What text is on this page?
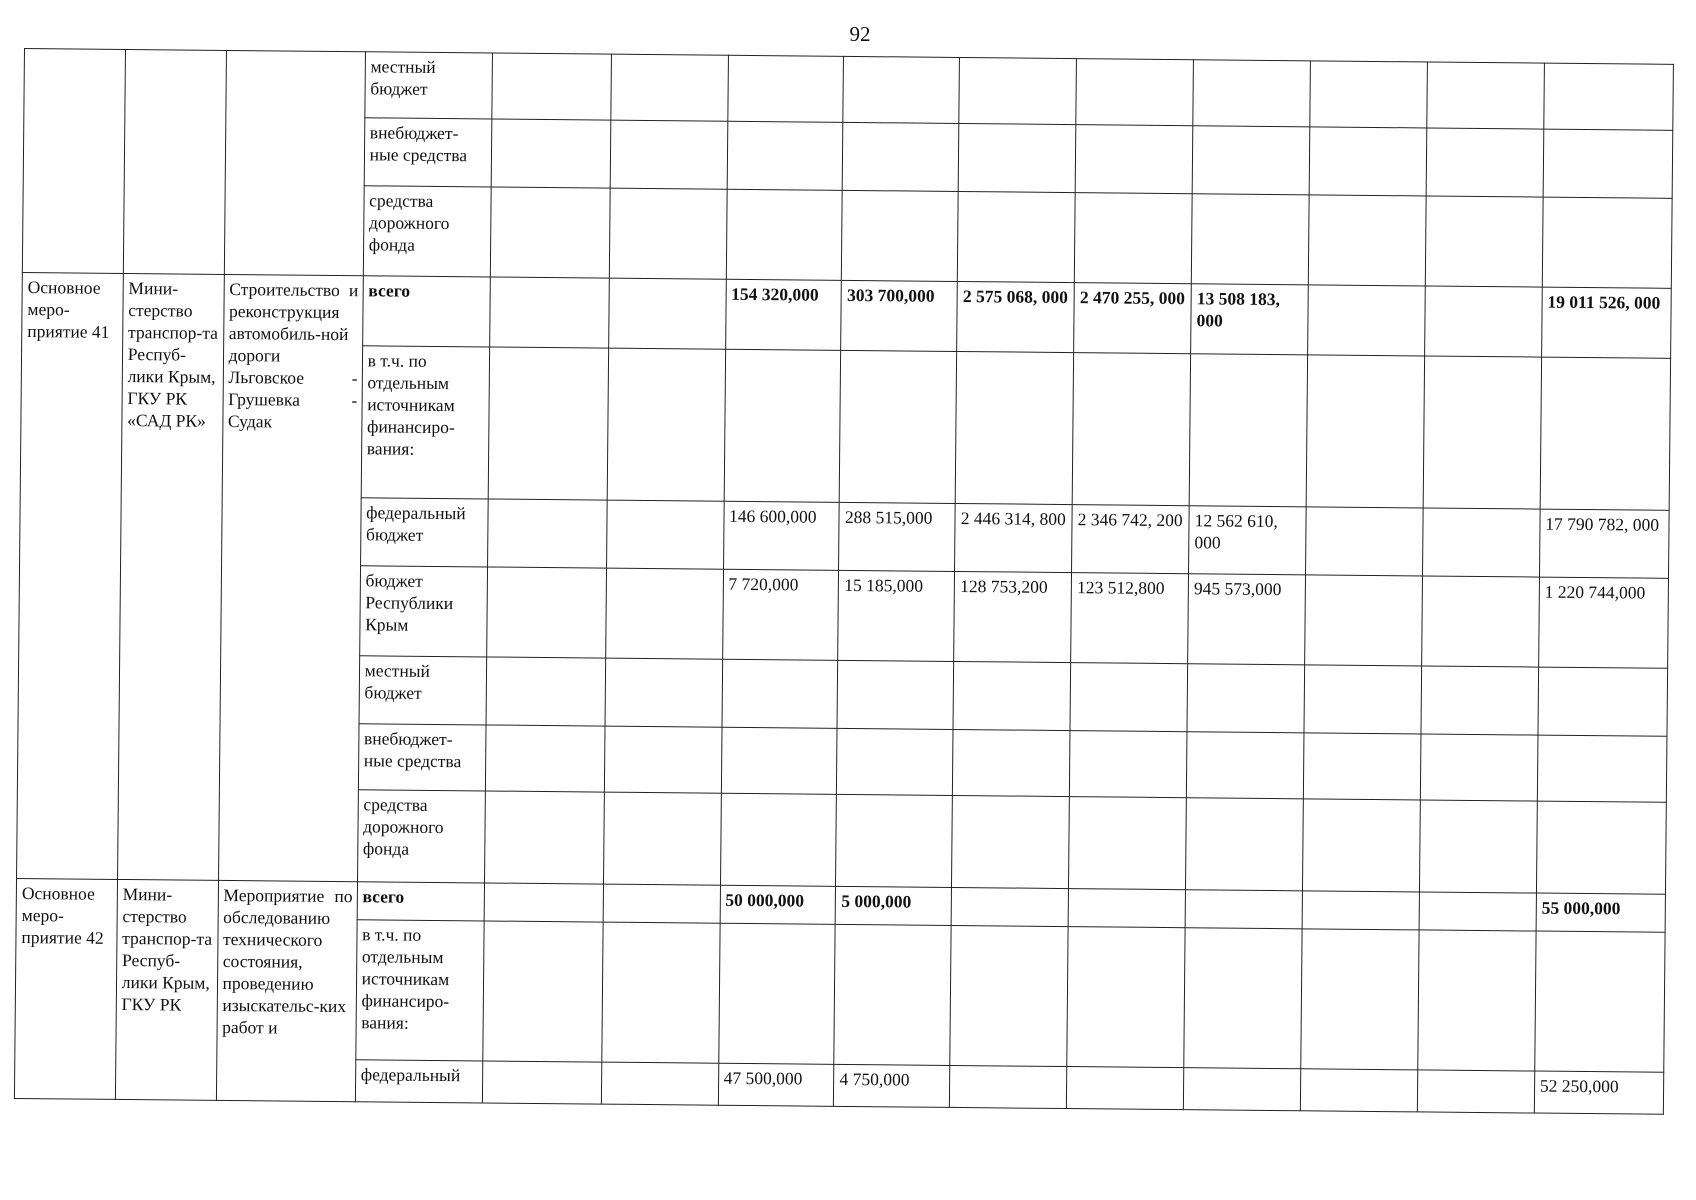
92
			местный бюджет										
			внебюджет-ные средства										
			средства дорожного фонда										
Основное меро-приятие 41	Мини-стерство транспор-та Респуб-лики Крым, ГКУ РК «САД РК»	Строительство и реконструкция автомобиль-ной дороги Льговское - Грушевка - Судак	всего			154 320,000	303 700,000	2 575 068, 000	2 470 255, 000	13 508 183, 000			19 011 526, 000
			в т.ч. по отдельным источникам финансиро-вания:										
			федеральный бюджет			146 600,000	288 515,000	2 446 314, 800	2 346 742, 200	12 562 610, 000			17 790 782, 000
			бюджет Республики Крым			7 720,000	15 185,000	128 753,200	123 512,800	945 573,000			1 220 744,000
			местный бюджет										
			внебюджет-ные средства										
			средства дорожного фонда										
Основное меро-приятие 42	Мини-стерство транспор-та Респуб-лики Крым, ГКУ РК	Мероприятие по обследованию технического состояния, проведению изыскательс-ких работ и	всего			50 000,000	5 000,000						55 000,000
			в т.ч. по отдельным источникам финансиро-вания:										
			федеральный			47 500,000	4 750,000						52 250,000
